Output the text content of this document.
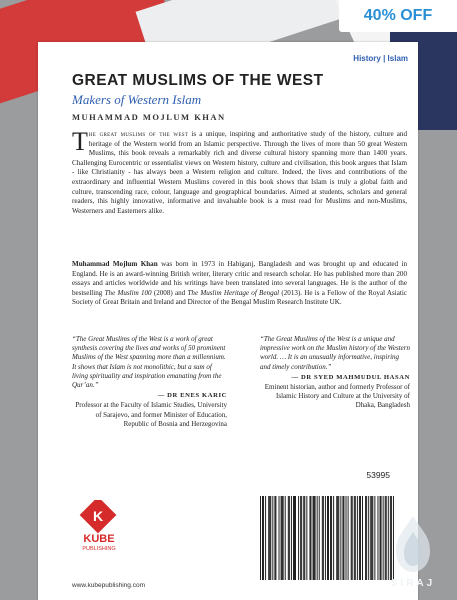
40% OFF
History | Islam
GREAT MUSLIMS OF THE WEST
Makers of Western Islam
MUHAMMAD MOJLUM KHAN

The great muslims of the west is a unique, inspiring and authoritative study of the history, culture and heritage of the Western world from an Islamic perspective. Through the lives of more than 50 great Western Muslims, this book reveals a remarkably rich and diverse cultural history spanning more than 1400 years. Challenging Eurocentric or essentialist views on Western history, culture and civilisation, this book argues that Islam - like Christianity - has always been a Western religion and culture. Indeed, the lives and contributions of the extraordinary and influential Western Muslims covered in this book shows that Islam is truly a global faith and culture, transcending race, colour, language and geographical boundaries. Aimed at students, scholars and general readers, this highly innovative, informative and invaluable book is a must read for Muslims and non-Muslims, Westerners and Easterners alike.

Muhammad Mojlum Khan was born in 1973 in Habiganj, Bangladesh and was brought up and educated in England. He is an award-winning British writer, literary critic and research scholar. He has published more than 200 essays and articles worldwide and his writings have been translated into several languages. He is the author of the bestselling The Muslim 100 (2008) and The Muslim Heritage of Bengal (2013). He is a Fellow of the Royal Asiatic Society of Great Britain and Ireland and Director of the Bengal Muslim Research Institute UK.

“The Great Muslims of the West is a work of great synthesis covering the lives and works of 50 prominent Muslims of the West spanning more than a millennium. It shows that Islam is not monolithic, but a sum of living spirituality and inspiration emanating from the Qur’an.”
— DR ENES KARIC
Professor at the Faculty of Islamic Studies, University of Sarajevo, and former Minister of Education, Republic of Bosnia and Herzegovina
“The Great Muslims of the West is a unique and impressive work on the Muslim history of the Western world. … It is an unusually informative, inspiring and timely contribution.”
— DR SYED MAHMUDUL HASAN
Eminent historian, author and formerly Professor of Islamic History and Culture at the University of Dhaka, Bangladesh
K
KUBE
PUBLISHING
www.kubepublishing.com
53995
SIRAJ
